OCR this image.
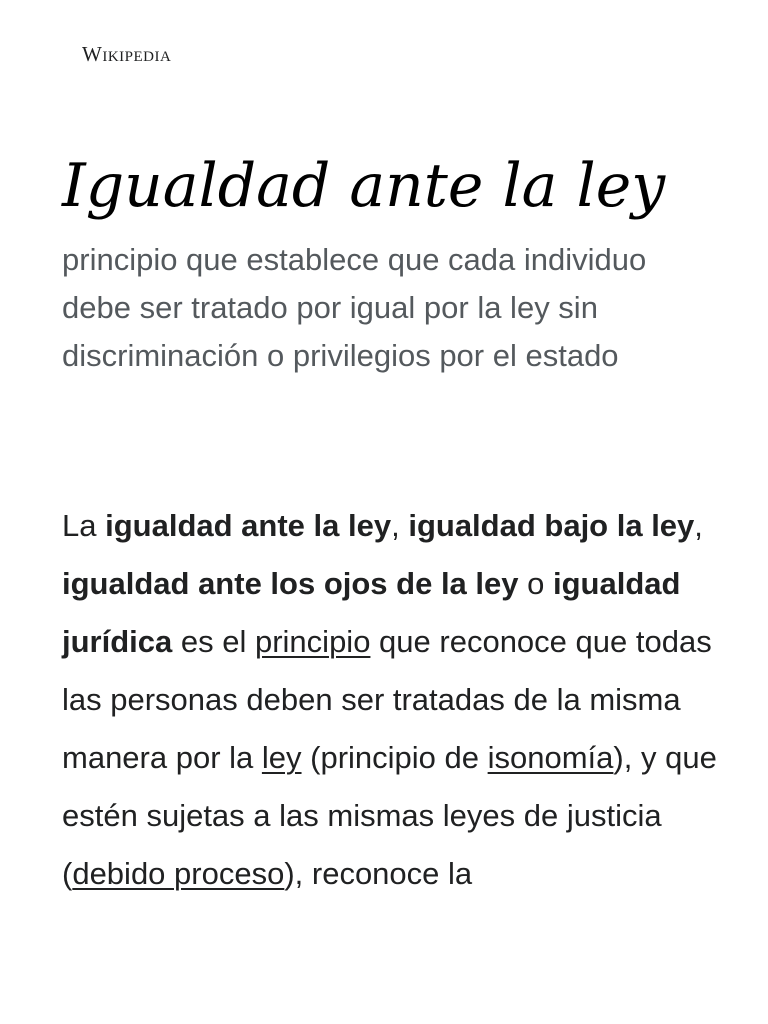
Wikipedia
Igualdad ante la ley

principio que establece que cada individuo debe ser tratado por igual por la ley sin discriminación o privilegios por el estado

La igualdad ante la ley, igualdad bajo la ley, igualdad ante los ojos de la ley o igualdad jurídica es el principio que reconoce que todas las personas deben ser tratadas de la misma manera por la ley (principio de isonomía), y que estén sujetas a las mismas leyes de justicia (debido proceso), reconoce la
